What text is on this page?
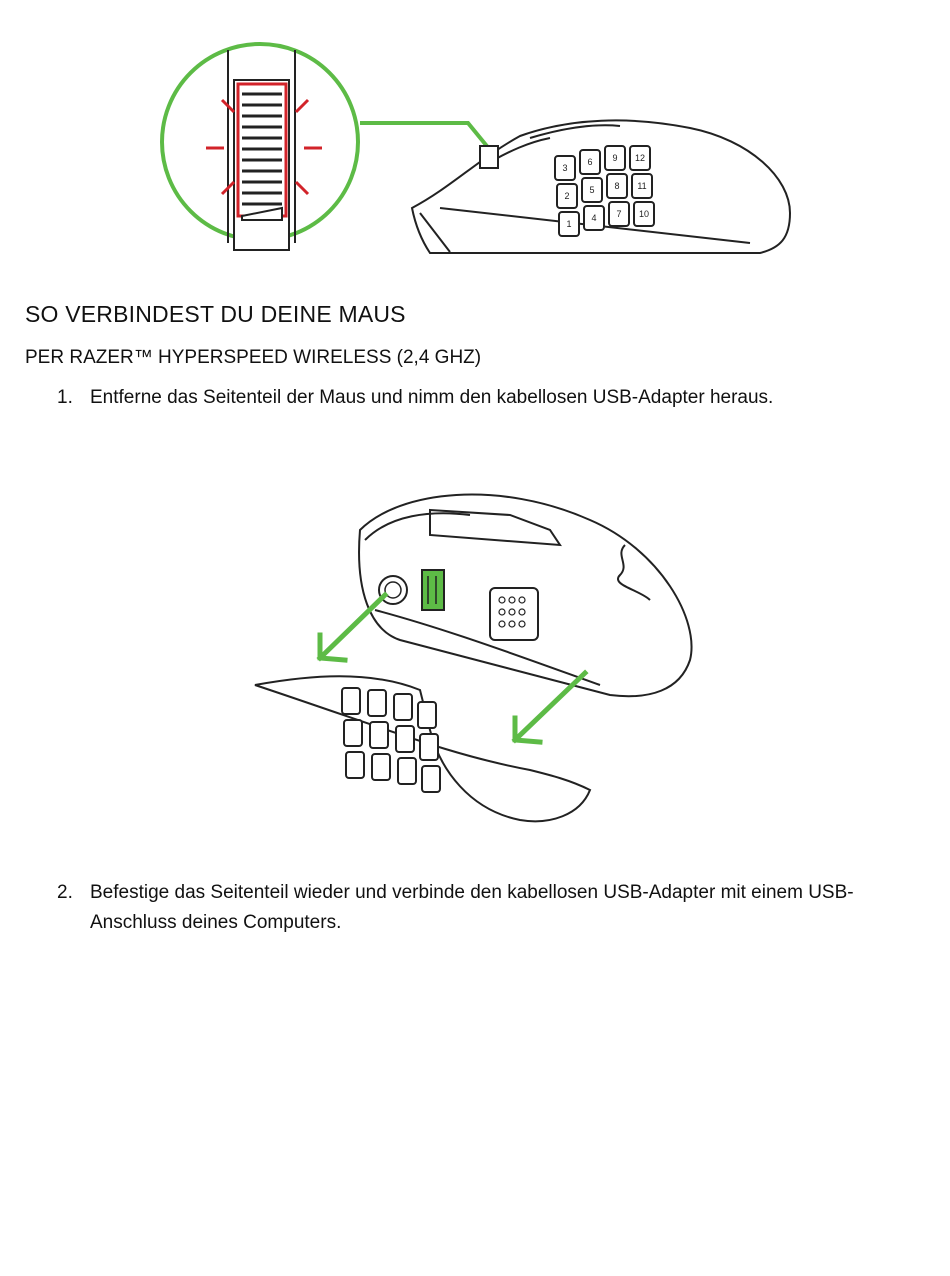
3
6 9 12
2
5 8 11
1
4 7 10
SO VERBINDEST DU DEINE MAUS
PER RAZER™ HYPERSPEED WIRELESS (2,4 GHZ)
1. Entferne das Seitenteil der Maus und nimm den kabellosen USB-Adapter heraus.
2. Befestige das Seitenteil wieder und verbinde den kabellosen USB-Adapter mit einem USB-
Anschluss deines Computers.
